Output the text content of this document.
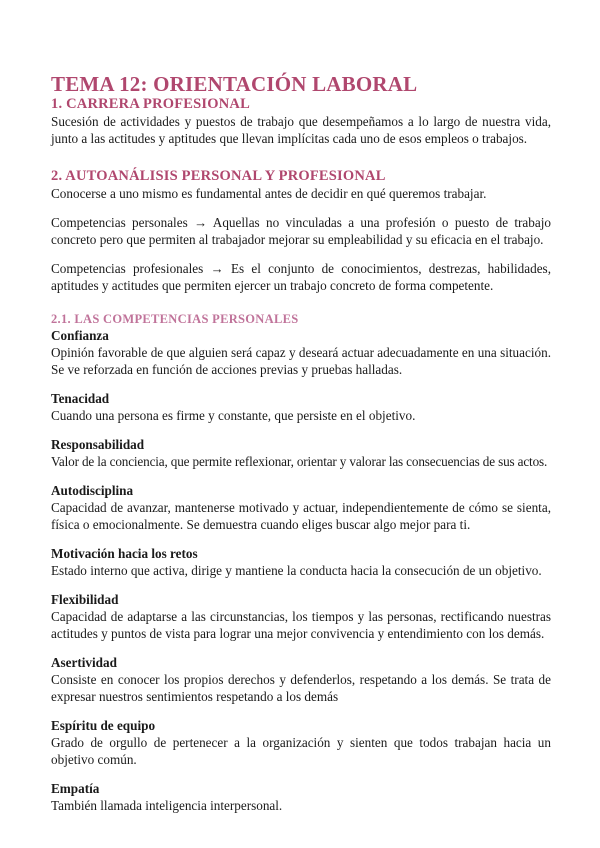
TEMA 12: ORIENTACIÓN LABORAL
1. CARRERA PROFESIONAL

Sucesión de actividades y puestos de trabajo que desempeñamos a lo largo de nuestra vida, junto a las actitudes y aptitudes que llevan implícitas cada uno de esos empleos o trabajos.

2. AUTOANÁLISIS PERSONAL Y PROFESIONAL

Conocerse a uno mismo es fundamental antes de decidir en qué queremos trabajar.

Competencias personales → Aquellas no vinculadas a una profesión o puesto de trabajo concreto pero que permiten al trabajador mejorar su empleabilidad y su eficacia en el trabajo.

Competencias profesionales → Es el conjunto de conocimientos, destrezas, habilidades, aptitudes y actitudes que permiten ejercer un trabajo concreto de forma competente.

2.1. LAS COMPETENCIAS PERSONALES

Confianza

Opinión favorable de que alguien será capaz y deseará actuar adecuadamente en una situación. Se ve reforzada en función de acciones previas y pruebas halladas.

Tenacidad

Cuando una persona es firme y constante, que persiste en el objetivo.

Responsabilidad

Valor de la conciencia, que permite reflexionar, orientar y valorar las consecuencias de sus actos.

Autodisciplina

Capacidad de avanzar, mantenerse motivado y actuar, independientemente de cómo se sienta, física o emocionalmente. Se demuestra cuando eliges buscar algo mejor para ti.

Motivación hacia los retos

Estado interno que activa, dirige y mantiene la conducta hacia la consecución de un objetivo.

Flexibilidad

Capacidad de adaptarse a las circunstancias, los tiempos y las personas, rectificando nuestras actitudes y puntos de vista para lograr una mejor convivencia y entendimiento con los demás.

Asertividad

Consiste en conocer los propios derechos y defenderlos, respetando a los demás. Se trata de expresar nuestros sentimientos respetando a los demás

Espíritu de equipo

Grado de orgullo de pertenecer a la organización y sienten que todos trabajan hacia un objetivo común.

Empatía

También llamada inteligencia interpersonal.
